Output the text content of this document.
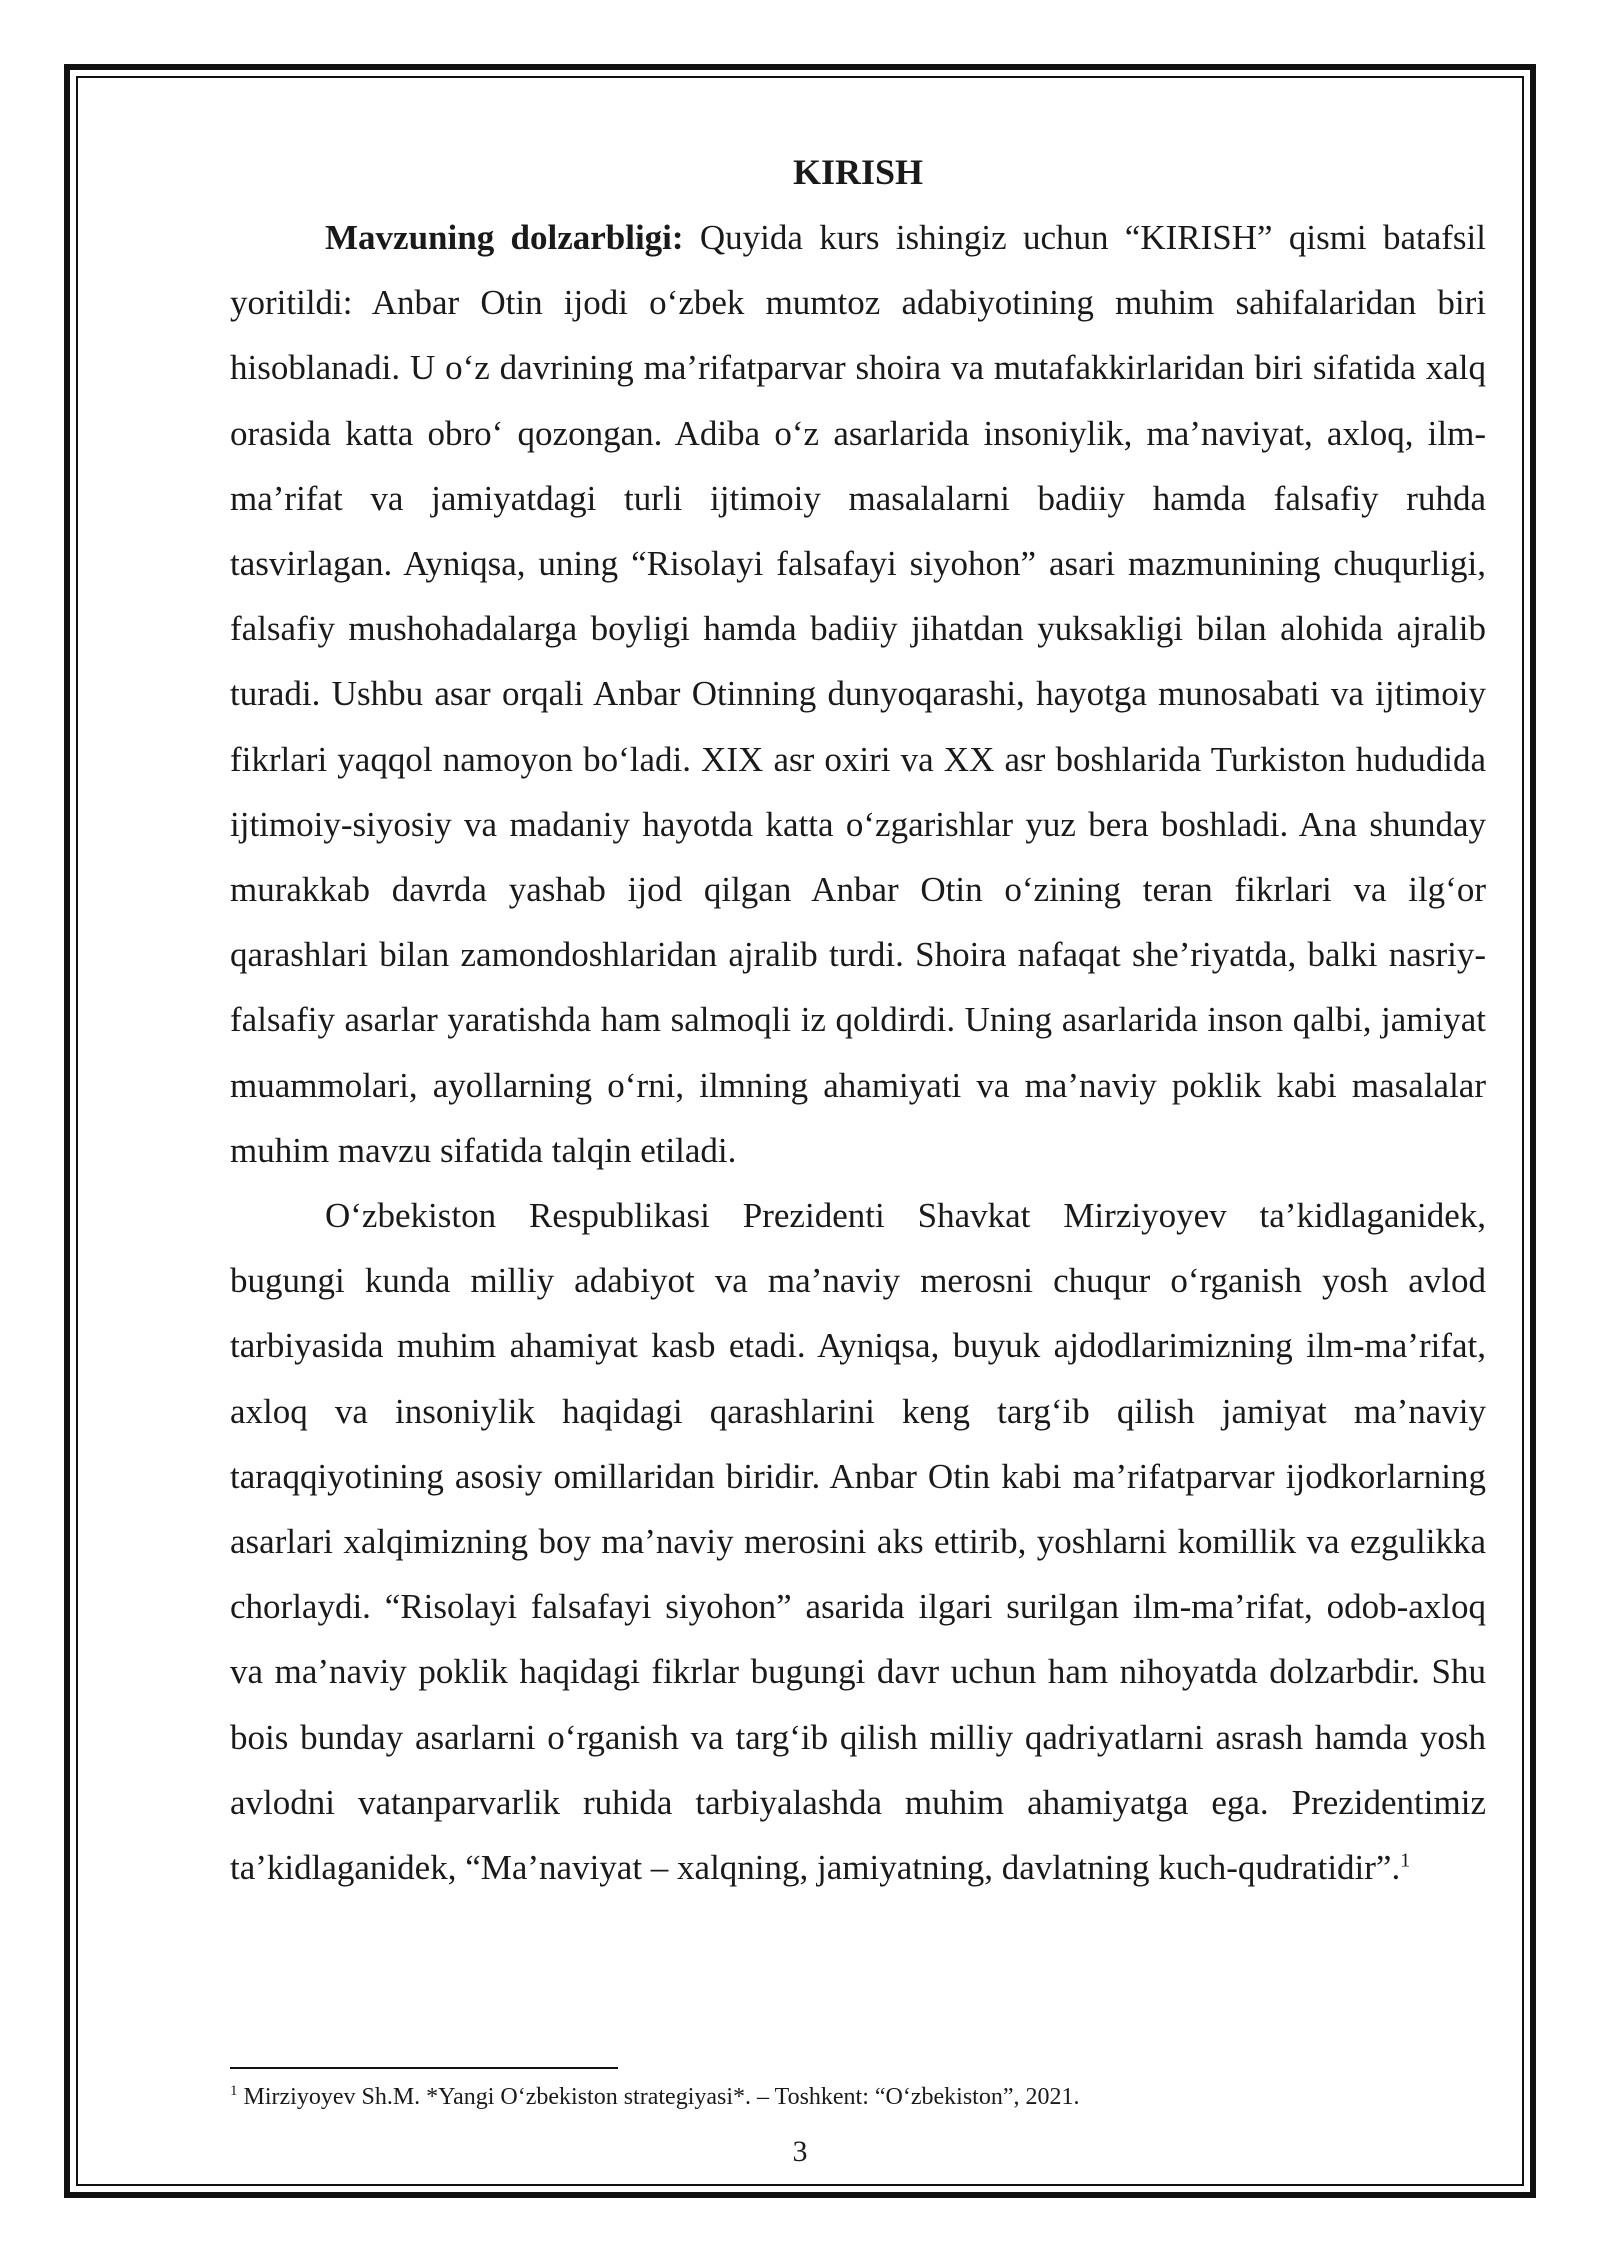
KIRISH

Mavzuning dolzarbligi: Quyida kurs ishingiz uchun “KIRISH” qismi batafsil yoritildi: Anbar Otin ijodi o‘zbek mumtoz adabiyotining muhim sahifalaridan biri hisoblanadi. U o‘z davrining ma’rifatparvar shoira va mutafakkirlaridan biri sifatida xalq orasida katta obro‘ qozongan. Adiba o‘z asarlarida insoniylik, ma’naviyat, axloq, ilm-ma’rifat va jamiyatdagi turli ijtimoiy masalalarni badiiy hamda falsafiy ruhda tasvirlagan. Ayniqsa, uning “Risolayi falsafayi siyohon” asari mazmunining chuqurligi, falsafiy mushohadalarga boyligi hamda badiiy jihatdan yuksakligi bilan alohida ajralib turadi. Ushbu asar orqali Anbar Otinning dunyoqarashi, hayotga munosabati va ijtimoiy fikrlari yaqqol namoyon bo‘ladi. XIX asr oxiri va XX asr boshlarida Turkiston hududida ijtimoiy-siyosiy va madaniy hayotda katta o‘zgarishlar yuz bera boshladi. Ana shunday murakkab davrda yashab ijod qilgan Anbar Otin o‘zining teran fikrlari va ilg‘or qarashlari bilan zamondoshlaridan ajralib turdi. Shoira nafaqat she’riyatda, balki nasriy-falsafiy asarlar yaratishda ham salmoqli iz qoldirdi. Uning asarlarida inson qalbi, jamiyat muammolari, ayollarning o‘rni, ilmning ahamiyati va ma’naviy poklik kabi masalalar muhim mavzu sifatida talqin etiladi.

O‘zbekiston Respublikasi Prezidenti Shavkat Mirziyoyev ta’kidlaganidek, bugungi kunda milliy adabiyot va ma’naviy merosni chuqur o‘rganish yosh avlod tarbiyasida muhim ahamiyat kasb etadi. Ayniqsa, buyuk ajdodlarimizning ilm-ma’rifat, axloq va insoniylik haqidagi qarashlarini keng targ‘ib qilish jamiyat ma’naviy taraqqiyotining asosiy omillaridan biridir. Anbar Otin kabi ma’rifatparvar ijodkorlarning asarlari xalqimizning boy ma’naviy merosini aks ettirib, yoshlarni komillik va ezgulikka chorlaydi. “Risolayi falsafayi siyohon” asarida ilgari surilgan ilm-ma’rifat, odob-axloq va ma’naviy poklik haqidagi fikrlar bugungi davr uchun ham nihoyatda dolzarbdir. Shu bois bunday asarlarni o‘rganish va targ‘ib qilish milliy qadriyatlarni asrash hamda yosh avlodni vatanparvarlik ruhida tarbiyalashda muhim ahamiyatga ega. Prezidentimiz ta’kidlaganidek, “Ma’naviyat – xalqning, jamiyatning, davlatning kuch-qudratidir”.$^1$

$^1$ Mirziyoyev Sh.M. *Yangi O‘zbekiston strategiyasi*. – Toshkent: “O‘zbekiston”, 2021.

3
